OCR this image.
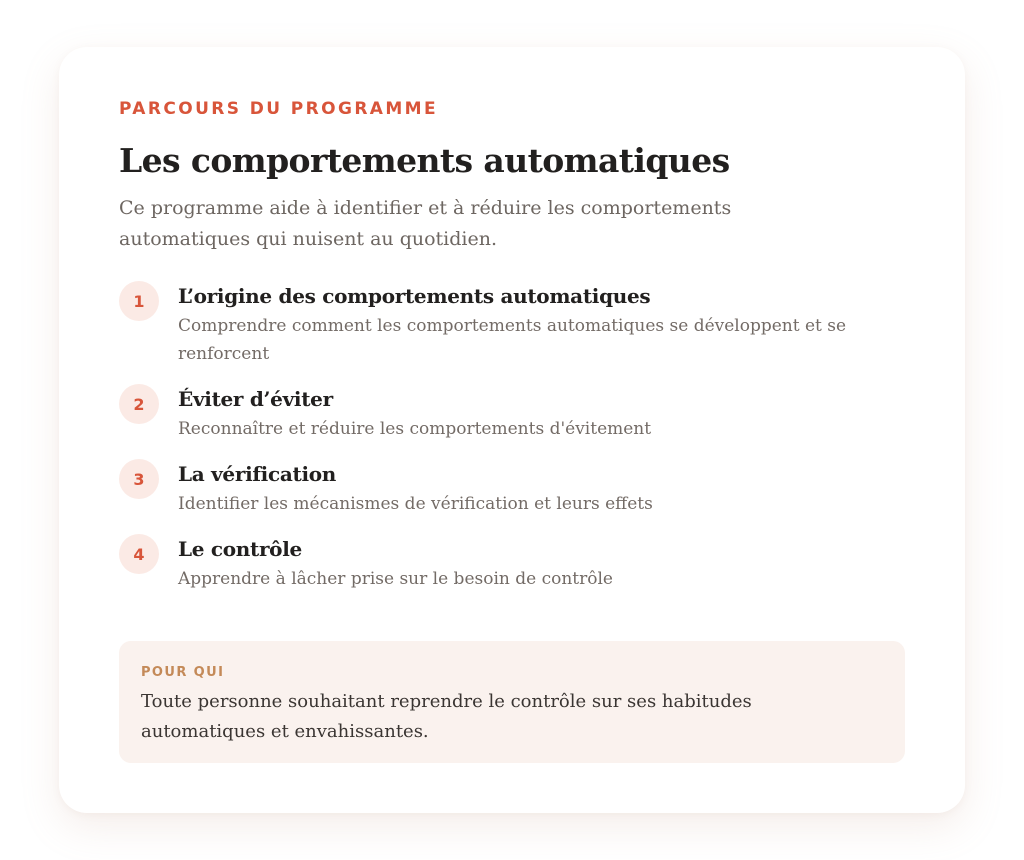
PARCOURS DU PROGRAMME

Les comportements automatiques

Ce programme aide à identifier et à réduire les comportements automatiques qui nuisent au quotidien.

1	L’origine des comportements automatiques
Comprendre comment les comportements automatiques se développent et se renforcent
2	Éviter d’éviter
Reconnaître et réduire les comportements d'évitement
3	La vérification
Identifier les mécanismes de vérification et leurs effets
4	Le contrôle
Apprendre à lâcher prise sur le besoin de contrôle
POUR QUI
Toute personne souhaitant reprendre le contrôle sur ses habitudes automatiques et envahissantes.
